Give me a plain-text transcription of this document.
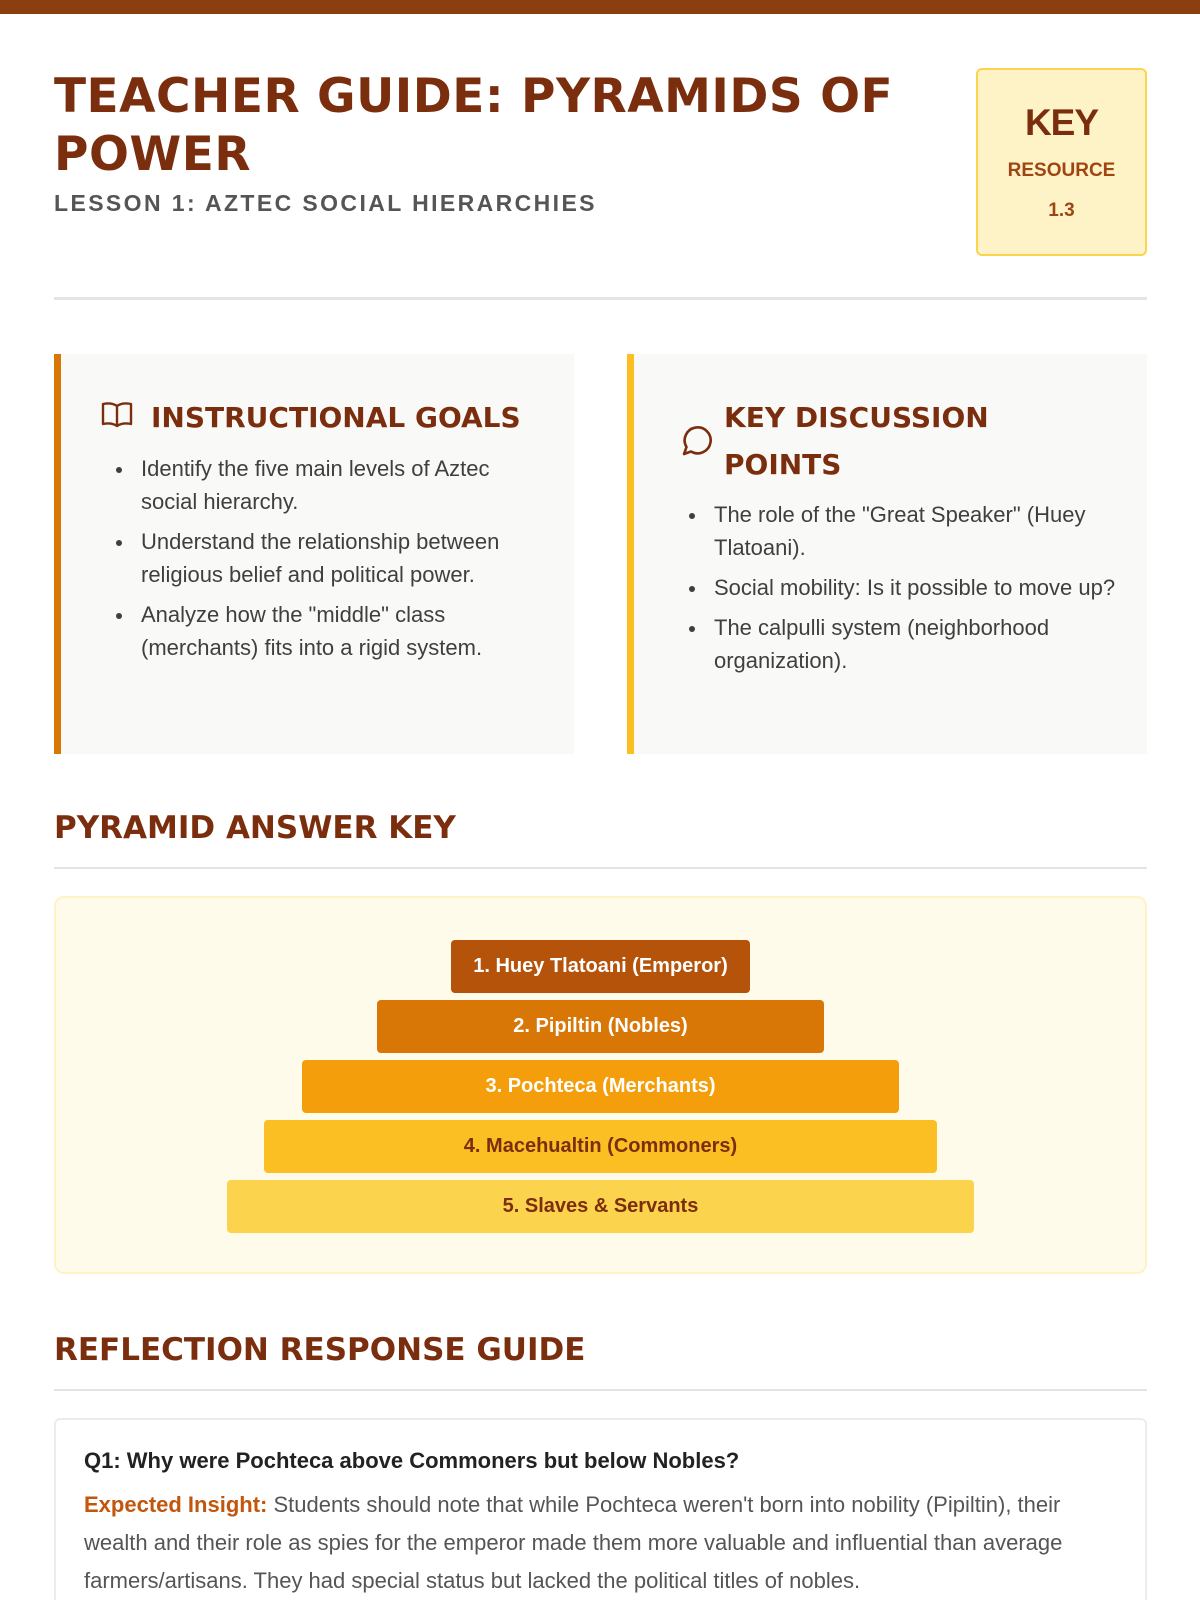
TEACHER GUIDE: PYRAMIDS OF POWER
LESSON 1: AZTEC SOCIAL HIERARCHIES
KEY
RESOURCE
1.3
INSTRUCTIONAL GOALS
Identify the five main levels of Aztec social hierarchy.
Understand the relationship between religious belief and political power.
Analyze how the "middle" class (merchants) fits into a rigid system.
KEY DISCUSSION POINTS
The role of the "Great Speaker" (Huey Tlatoani).
Social mobility: Is it possible to move up?
The calpulli system (neighborhood organization).
PYRAMID ANSWER KEY
1. Huey Tlatoani (Emperor)
2. Pipiltin (Nobles)
3. Pochteca (Merchants)
4. Macehualtin (Commoners)
5. Slaves & Servants
REFLECTION RESPONSE GUIDE
Q1: Why were Pochteca above Commoners but below Nobles?
Expected Insight: Students should note that while Pochteca weren't born into nobility (Pipiltin), their wealth and their role as spies for the emperor made them more valuable and influential than average farmers/artisans. They had special status but lacked the political titles of nobles.
